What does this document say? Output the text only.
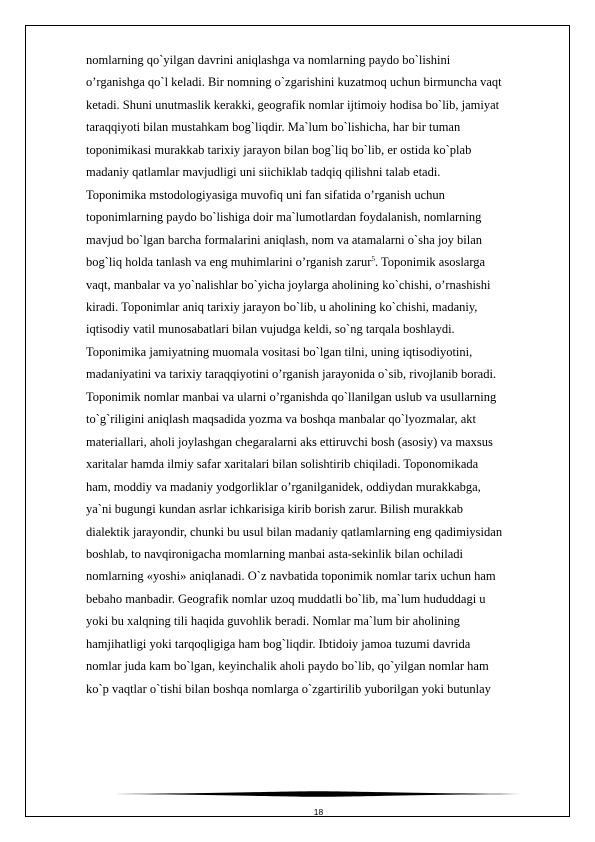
nomlarning qo`yilgan davrini aniqlashga va nomlarning paydo bo`lishini
o’rganishga qo`l keladi. Bir nomning o`zgarishini kuzatmoq uchun birmuncha vaqt
ketadi. Shuni unutmaslik kerakki, geografik nomlar ijtimoiy hodisa bo`lib, jamiyat
taraqqiyoti bilan mustahkam bog`liqdir. Ma`lum bo`lishicha, har bir tuman
toponimikasi murakkab tarixiy jarayon bilan bog`liq bo`lib, er ostida ko`plab
madaniy qatlamlar mavjudligi uni siichiklab tadqiq qilishni talab etadi.
Toponimika mstodologiyasiga muvofiq uni fan sifatida o’rganish uchun
toponimlarning paydo bo`lishiga doir ma`lumotlardan foydalanish, nomlarning
mavjud bo`lgan barcha formalarini aniqlash, nom va atamalarni o`sha joy bilan
bog`liq holda tanlash va eng muhimlarini o’rganish zarur$^5$. Toponimik asoslarga
vaqt, manbalar va yo`nalishlar bo`yicha joylarga aholining ko`chishi, o’rnashishi
kiradi. Toponimlar aniq tarixiy jarayon bo`lib, u aholining ko`chishi, madaniy,
iqtisodiy vatil munosabatlari bilan vujudga keldi, so`ng tarqala boshlaydi.
Toponimika jamiyatning muomala vositasi bo`lgan tilni, uning iqtisodiyotini,
madaniyatini va tarixiy taraqqiyotini o’rganish jarayonida o`sib, rivojlanib boradi.
Toponimik nomlar manbai va ularni o’rganishda qo`llanilgan uslub va usullarning
to`g`riligini aniqlash maqsadida yozma va boshqa manbalar qo`lyozmalar, akt
materiallari, aholi joylashgan chegaralarni aks ettiruvchi bosh (asosiy) va maxsus
xaritalar hamda ilmiy safar xaritalari bilan solishtirib chiqiladi. Toponomikada
ham, moddiy va madaniy yodgorliklar o’rganilganidek, oddiydan murakkabga,
ya`ni bugungi kundan asrlar ichkarisiga kirib borish zarur. Bilish murakkab
dialektik jarayondir, chunki bu usul bilan madaniy qatlamlarning eng qadimiysidan
boshlab, to navqironigacha momlarning manbai asta-sekinlik bilan ochiladi
nomlarning «yoshi» aniqlanadi. O`z navbatida toponimik nomlar tarix uchun ham
bebaho manbadir. Geografik nomlar uzoq muddatli bo`lib, ma`lum hududdagi u
yoki bu xalqning tili haqida guvohlik beradi. Nomlar ma`lum bir aholining
hamjihatligi yoki tarqoqligiga ham bog`liqdir. Ibtidoiy jamoa tuzumi davrida
nomlar juda kam bo`lgan, keyinchalik aholi paydo bo`lib, qo`yilgan nomlar ham
ko`p vaqtlar o`tishi bilan boshqa nomlarga o`zgartirilib yuborilgan yoki butunlay
18
